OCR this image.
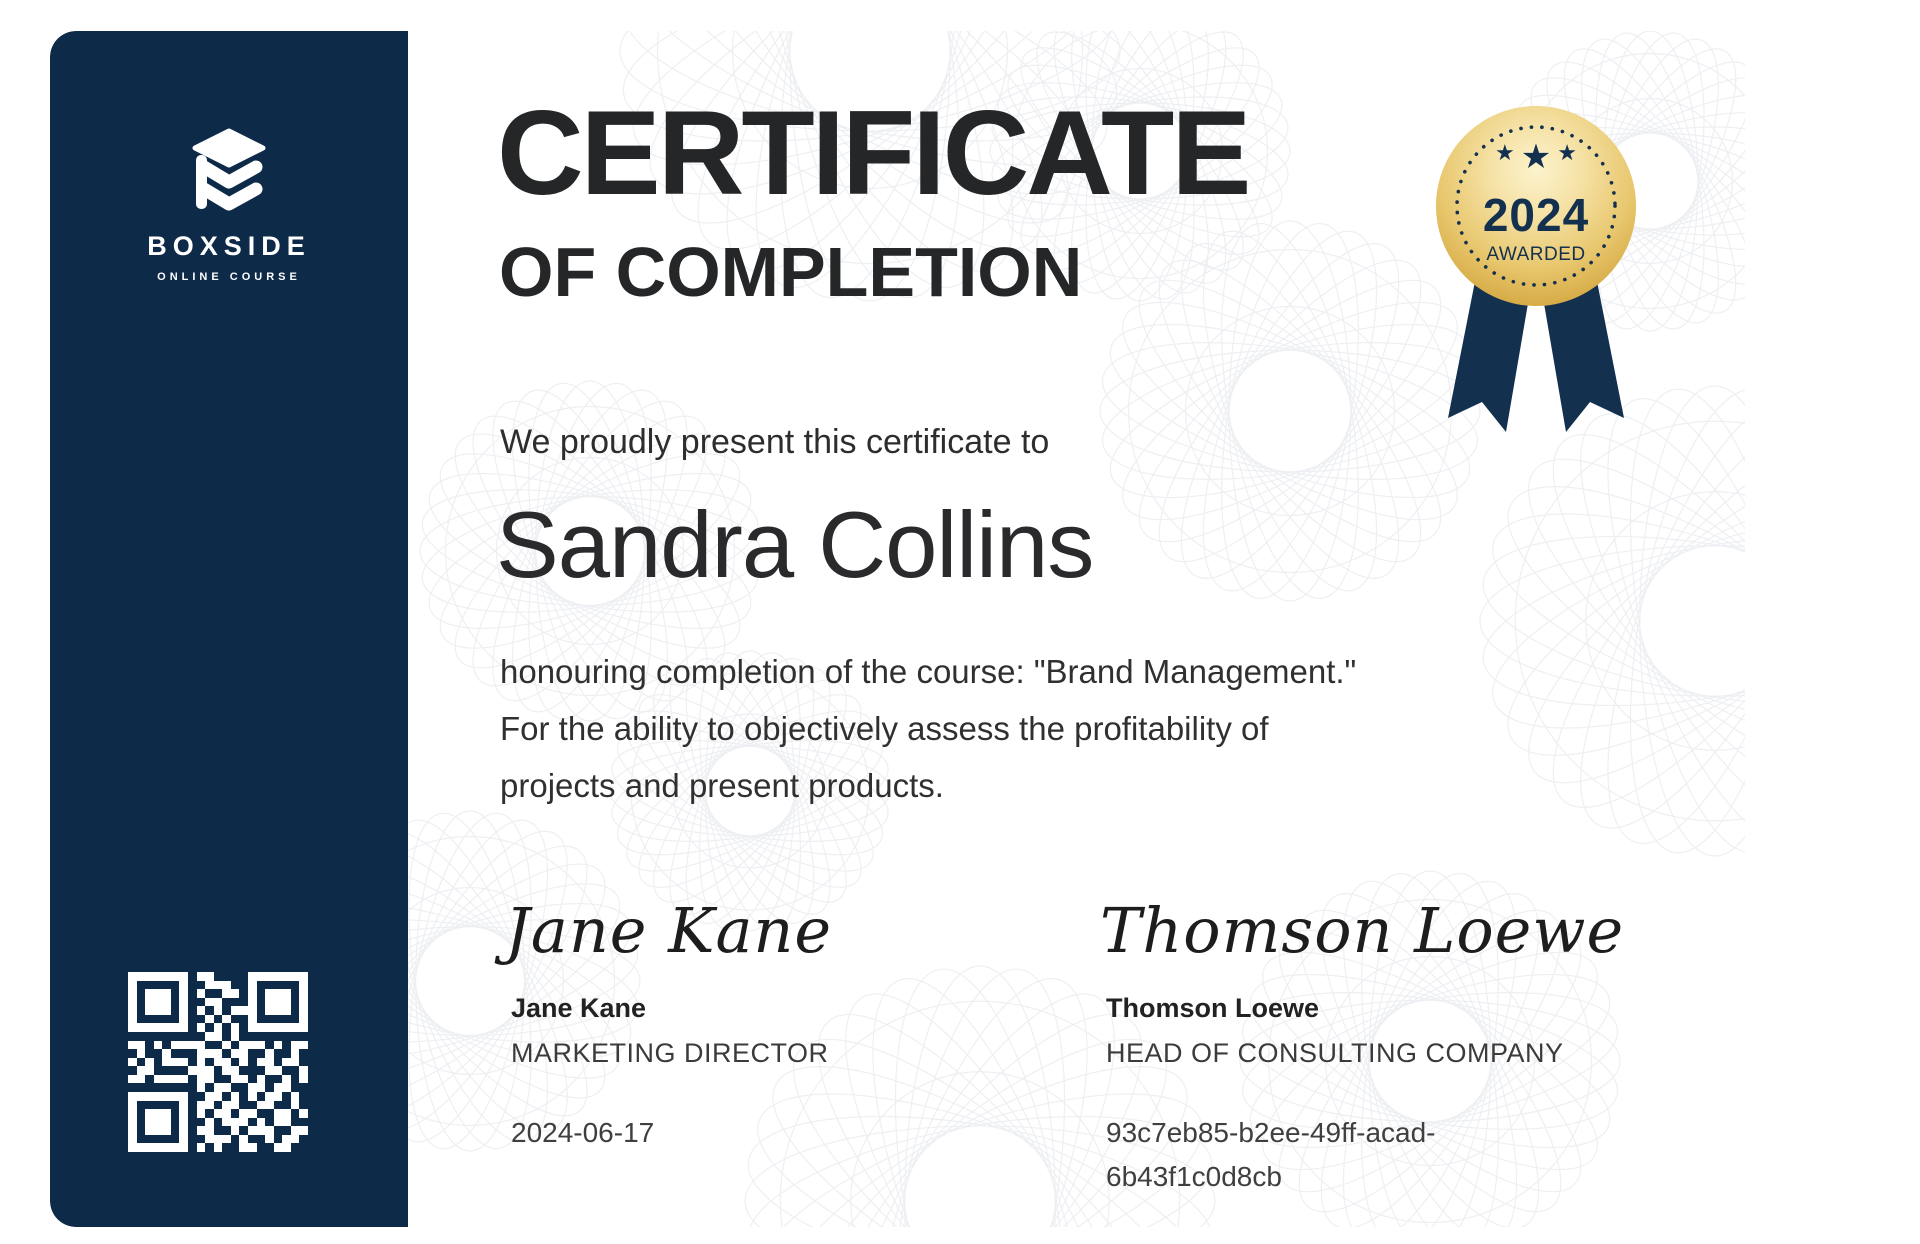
CERTIFICATE
OF COMPLETION
★★★
2024
AWARDED
We proudly present this certificate to
Sandra Collins
honouring completion of the course: "Brand Management."
For the ability to objectively assess the profitability of
projects and present products.
Jane Kane
Jane Kane
MARKETING DIRECTOR
2024-06-17
Thomson Loewe
Thomson Loewe
HEAD OF CONSULTING COMPANY
93c7eb85-b2ee-49ff-acad-6b43f1c0d8cb
BOXSIDE
ONLINE COURSE
